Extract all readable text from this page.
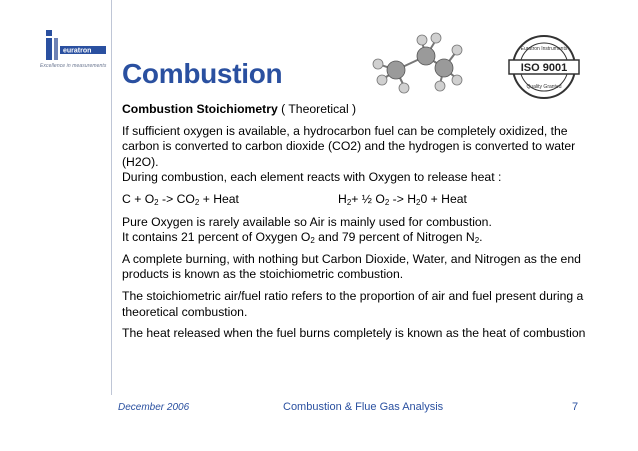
euratron
Excellence in measurements Combustion	ISO 9001
Euratron Instruments
Quality Granted

Combustion Stoichiometry ( Theoretical )

If sufficient oxygen is available, a hydrocarbon fuel can be completely oxidized, the carbon is converted to carbon dioxide (CO2) and the hydrogen is converted to water (H2O).

During combustion, each element reacts with Oxygen to release heat :

$C + O_2 -> CO_2$ + Heat	$H_2+$ ½ $O_2 -> H_20$ + Heat

Pure Oxygen is rarely available so Air is mainly used for combustion.
It contains 21 percent of Oxygen $O_2$ and 79 percent of Nitrogen $N_2$.

A complete burning, with nothing but Carbon Dioxide, Water, and Nitrogen as the end products is known as the stoichiometric combustion.

The stoichiometric air/fuel ratio refers to the proportion of air and fuel present during a theoretical combustion.

The heat released when the fuel burns completely is known as the heat of combustion

December 2006	Combustion & Flue Gas Analysis	7
